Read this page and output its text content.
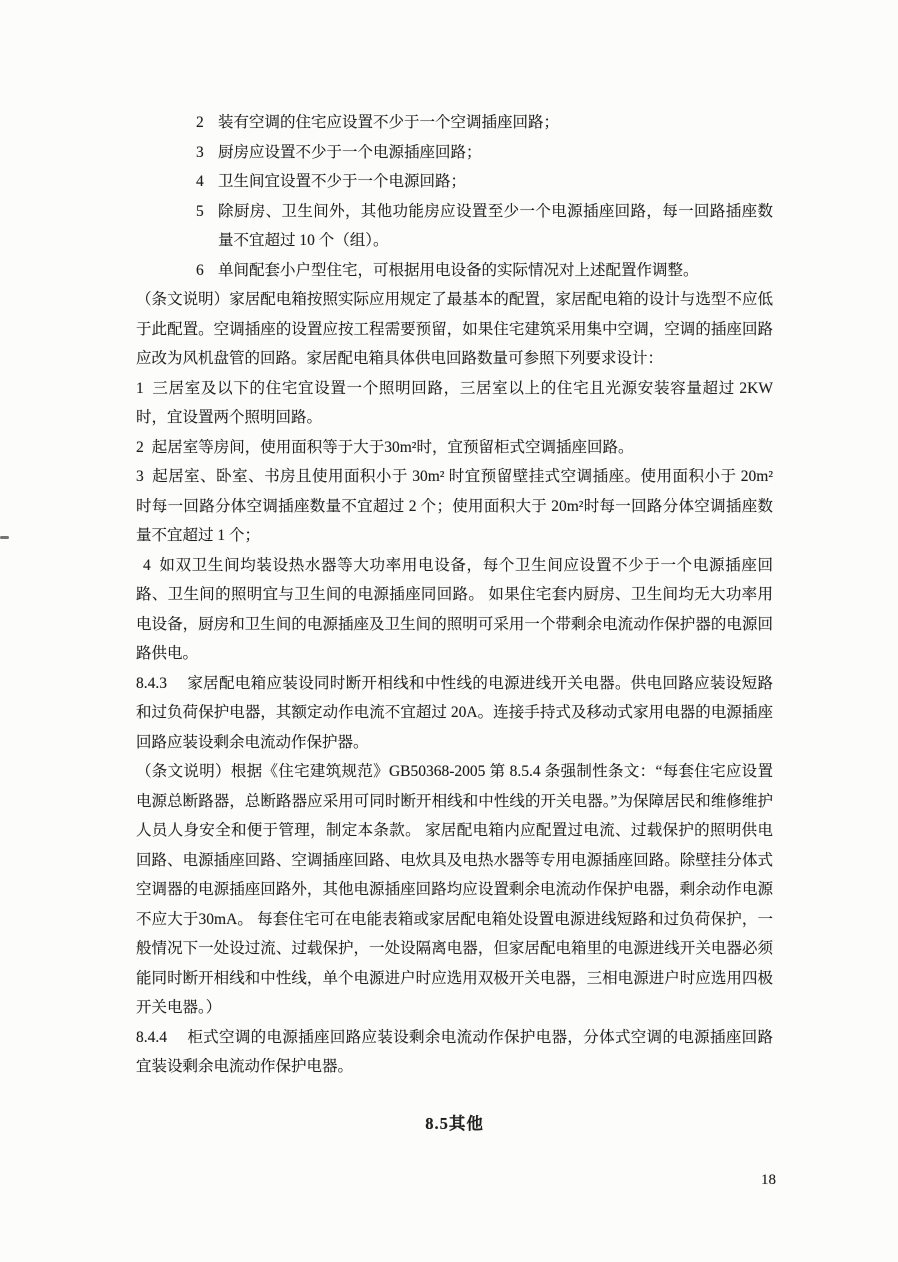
2 装有空调的住宅应设置不少于一个空调插座回路；
3 厨房应设置不少于一个电源插座回路；
4 卫生间宜设置不少于一个电源回路；
5 除厨房、卫生间外，其他功能房应设置至少一个电源插座回路，每一回路插座数量不宜超过 10 个（组）。
6 单间配套小户型住宅，可根据用电设备的实际情况对上述配置作调整。

（条文说明）家居配电箱按照实际应用规定了最基本的配置，家居配电箱的设计与选型不应低于此配置。空调插座的设置应按工程需要预留，如果住宅建筑采用集中空调，空调的插座回路应改为风机盘管的回路。家居配电箱具体供电回路数量可参照下列要求设计：

1 三居室及以下的住宅宜设置一个照明回路，三居室以上的住宅且光源安装容量超过 2KW 时，宜设置两个照明回路。

2 起居室等房间，使用面积等于大于30m²时，宜预留柜式空调插座回路。

3 起居室、卧室、书房且使用面积小于 30m² 时宜预留壁挂式空调插座。使用面积小于 20m² 时每一回路分体空调插座数量不宜超过 2 个；使用面积大于 20m²时每一回路分体空调插座数量不宜超过 1 个；

4 如双卫生间均装设热水器等大功率用电设备，每个卫生间应设置不少于一个电源插座回路、卫生间的照明宜与卫生间的电源插座同回路。 如果住宅套内厨房、卫生间均无大功率用电设备，厨房和卫生间的电源插座及卫生间的照明可采用一个带剩余电流动作保护器的电源回路供电。

8.4.3 家居配电箱应装设同时断开相线和中性线的电源进线开关电器。供电回路应装设短路和过负荷保护电器，其额定动作电流不宜超过 20A。连接手持式及移动式家用电器的电源插座回路应装设剩余电流动作保护器。

（条文说明）根据《住宅建筑规范》GB50368-2005 第 8.5.4 条强制性条文：“每套住宅应设置电源总断路器，总断路器应采用可同时断开相线和中性线的开关电器。”为保障居民和维修维护人员人身安全和便于管理，制定本条款。 家居配电箱内应配置过电流、过载保护的照明供电回路、电源插座回路、空调插座回路、电炊具及电热水器等专用电源插座回路。除壁挂分体式空调器的电源插座回路外，其他电源插座回路均应设置剩余电流动作保护电器，剩余动作电源不应大于30mA。 每套住宅可在电能表箱或家居配电箱处设置电源进线短路和过负荷保护，一般情况下一处设过流、过载保护，一处设隔离电器，但家居配电箱里的电源进线开关电器必须能同时断开相线和中性线，单个电源进户时应选用双极开关电器，三相电源进户时应选用四极开关电器。）

8.4.4 柜式空调的电源插座回路应装设剩余电流动作保护电器，分体式空调的电源插座回路宜装设剩余电流动作保护电器。

8.5其他
18
